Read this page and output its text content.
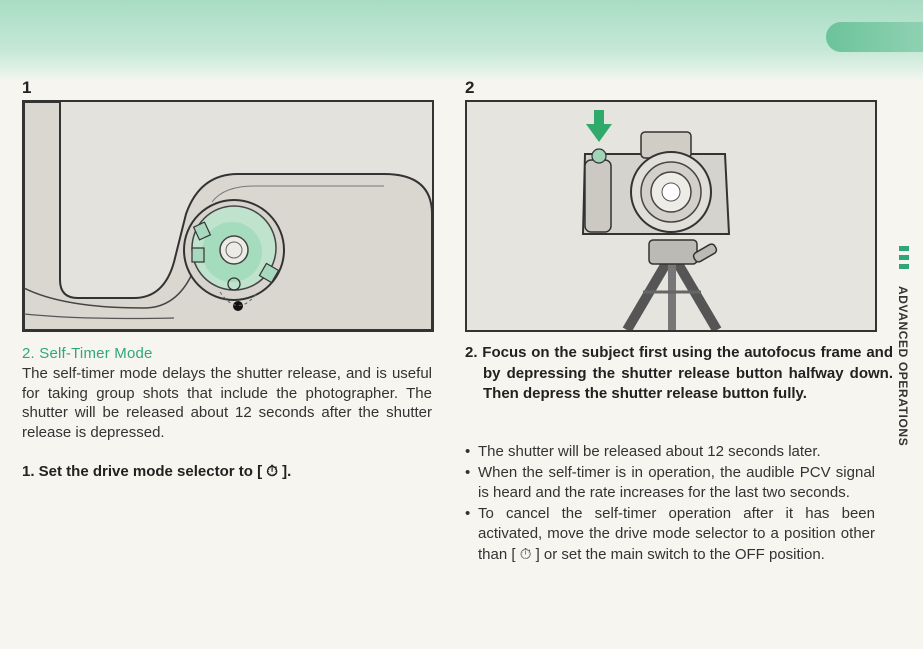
1	2
2. Self-Timer Mode
The self-timer mode delays the shutter release, and is useful for taking group shots that include the photographer. The shutter will be released about 12 seconds after the shutter release is depressed.
1. Set the drive mode selector to [ ⏱ ].
2. Focus on the subject first using the autofocus frame and by depressing the shutter release button halfway down. Then depress the shutter release button fully.
• The shutter will be released about 12 seconds later.
• When the self-timer is in operation, the audible PCV signal is heard and the rate increases for the last two seconds.
• To cancel the self-timer operation after it has been activated, move the drive mode selector to a position other than [ ⏱ ] or set the main switch to the OFF position.
ADVANCED OPERATIONS
